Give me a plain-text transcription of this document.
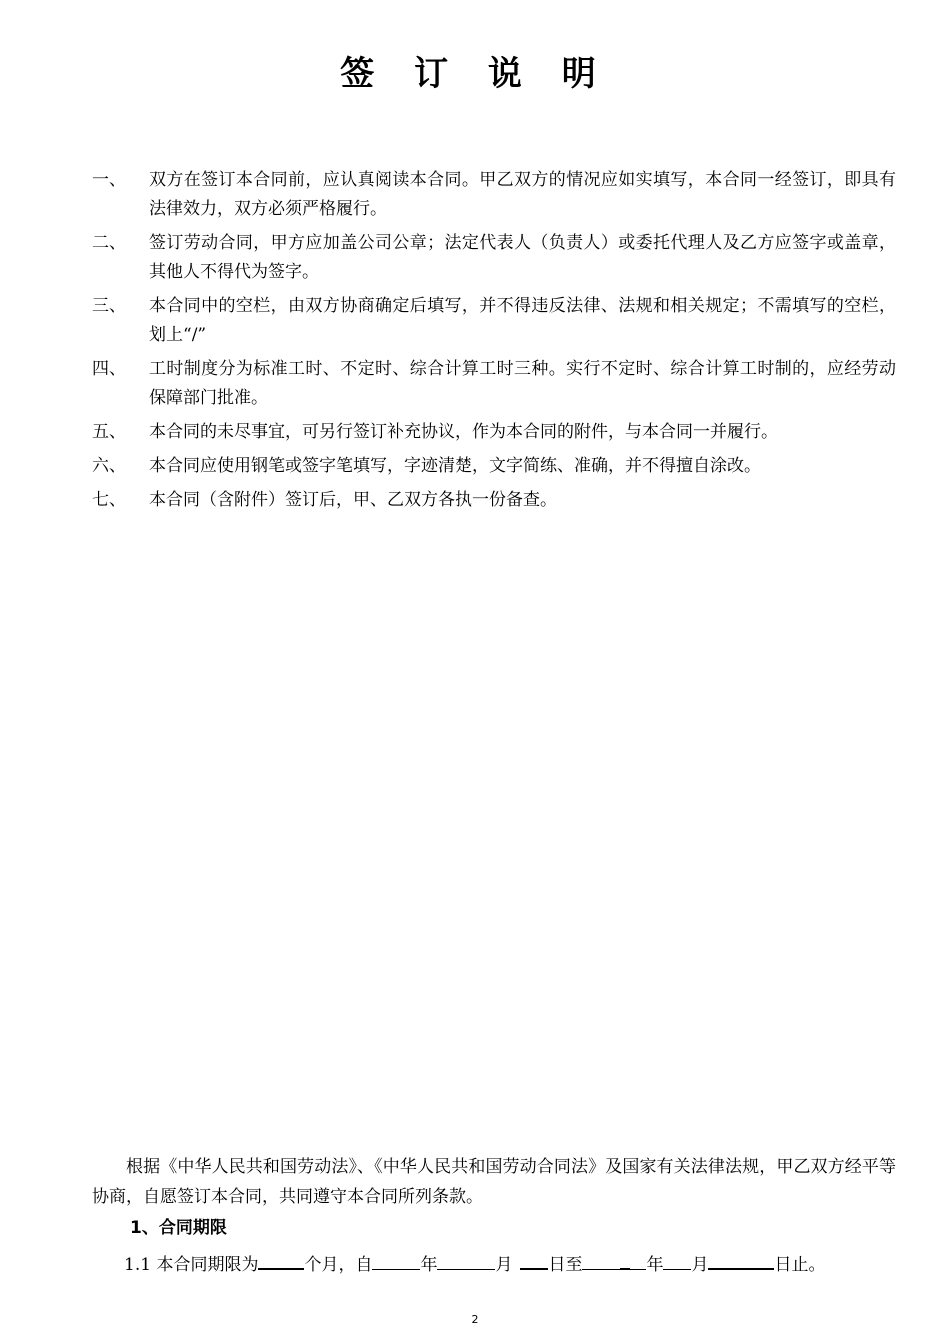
签 订 说 明
一、	双方在签订本合同前，应认真阅读本合同。甲乙双方的情况应如实填写，本合同一经签订，即具有法律效力，双方必须严格履行。
二、	签订劳动合同，甲方应加盖公司公章；法定代表人（负责人）或委托代理人及乙方应签字或盖章，其他人不得代为签字。
三、	本合同中的空栏，由双方协商确定后填写，并不得违反法律、法规和相关规定；不需填写的空栏，划上“/”
四、	工时制度分为标准工时、不定时、综合计算工时三种。实行不定时、综合计算工时制的，应经劳动保障部门批准。
五、	本合同的未尽事宜，可另行签订补充协议，作为本合同的附件，与本合同一并履行。
六、	本合同应使用钢笔或签字笔填写，字迹清楚，文字简练、准确，并不得擅自涂改。
七、	本合同（含附件）签订后，甲、乙双方各执一份备查。
根据《中华人民共和国劳动法》、《中华人民共和国劳动合同法》及国家有关法律法规，甲乙双方经平等协商，自愿签订本合同，共同遵守本合同所列条款。
1、合同期限
1.1 本合同期限为	个月，自	年	月 日至	年 月	日止。
2
